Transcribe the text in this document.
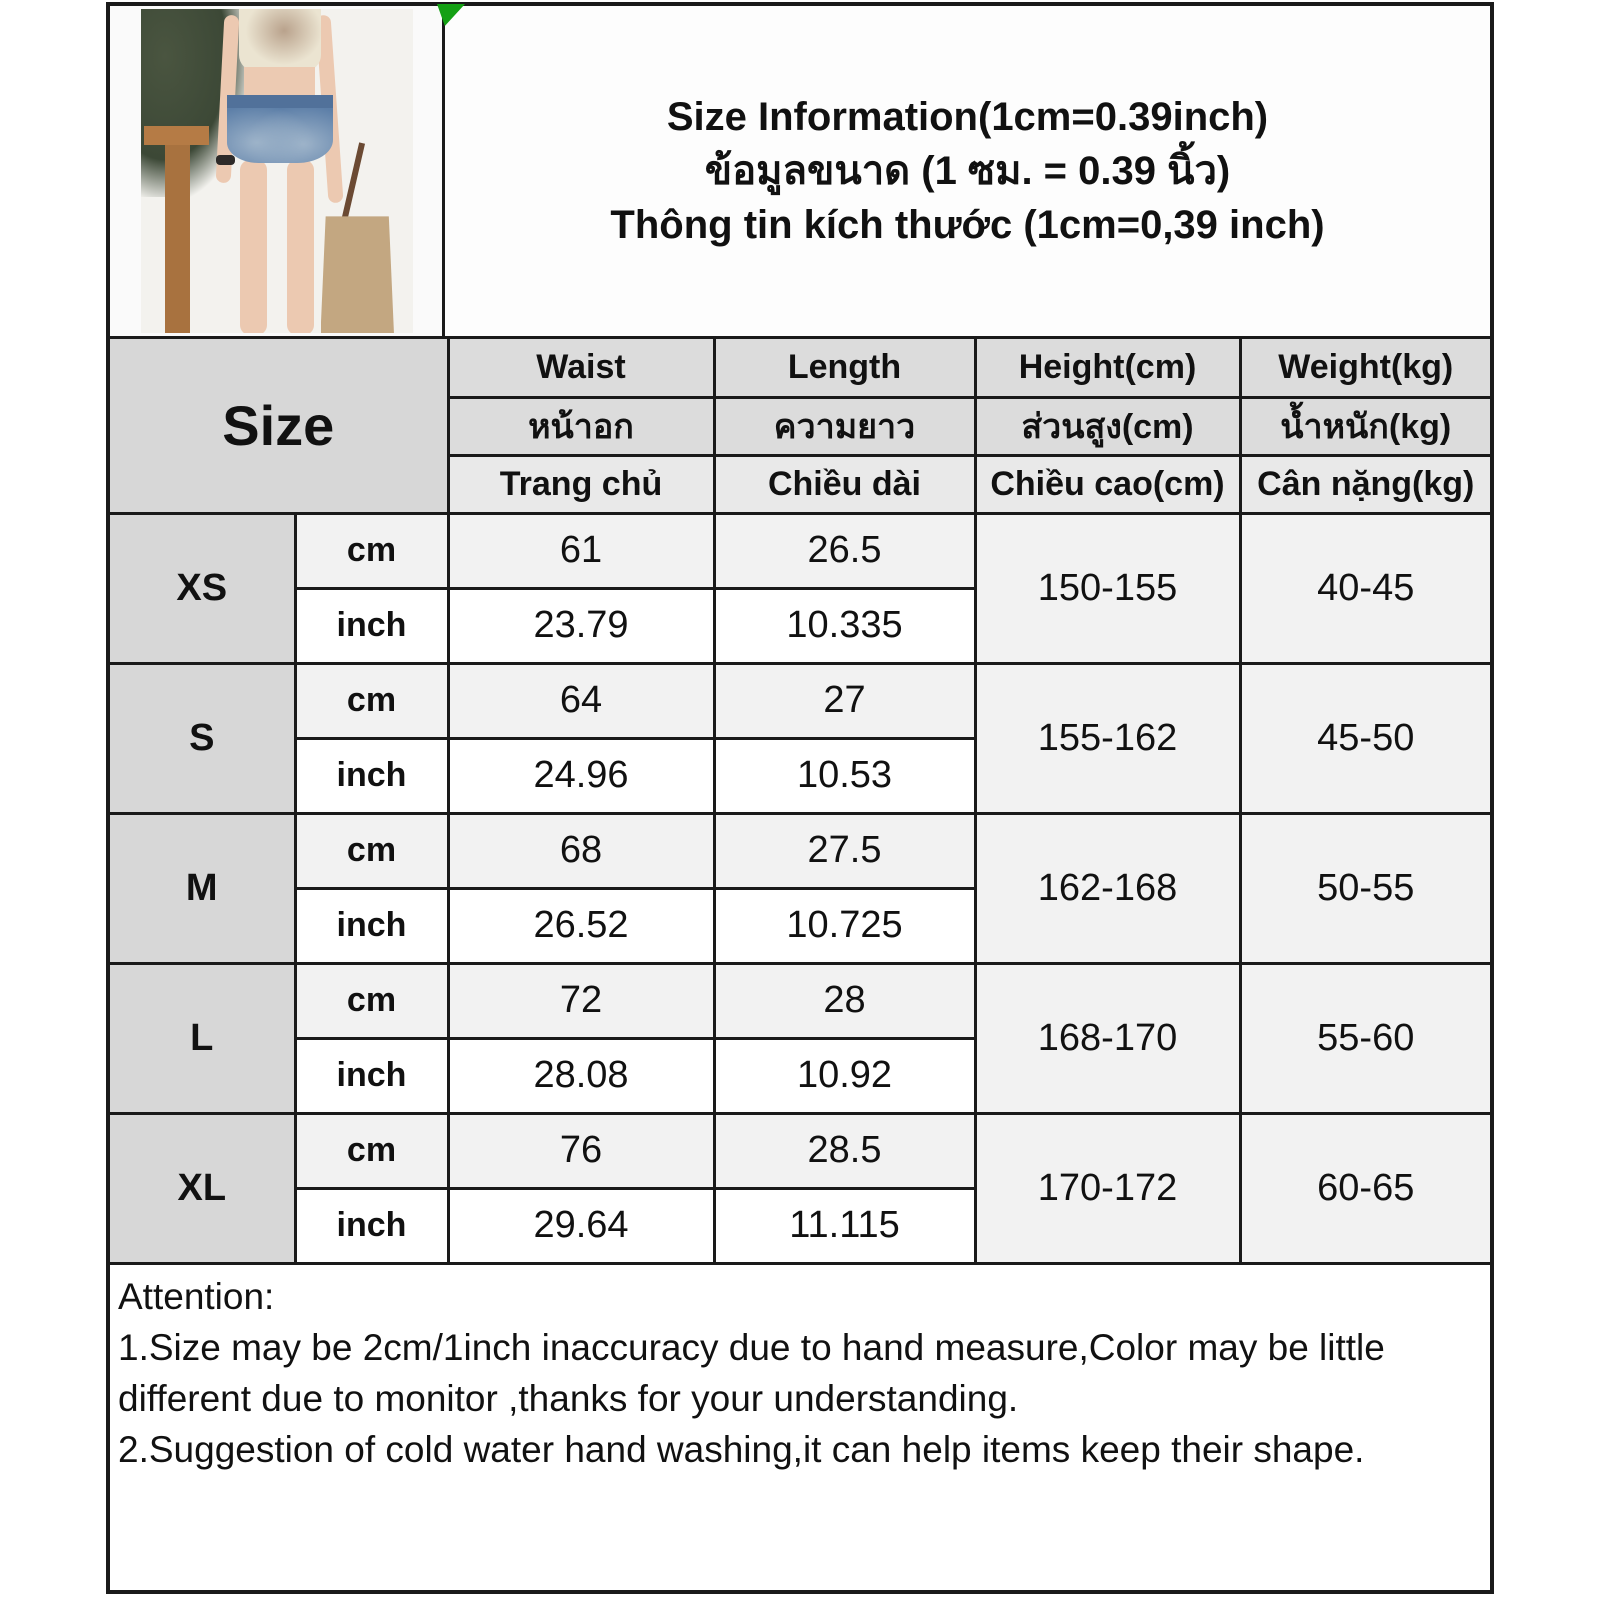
Size Information(1cm=0.39inch)
ข้อมูลขนาด (1 ซม. = 0.39 นิ้ว)
Thông tin kích thước (1cm=0,39 inch)
Size		Waist	Length	Height(cm)	Weight(kg)
		หน้าอก	ความยาว	ส่วนสูง(cm)	น้ำหนัก(kg)
		Trang chủ	Chiều dài	Chiều cao(cm)	Cân nặng(kg)
XS	cm	61	26.5	150-155	40-45
	inch	23.79	10.335		
S	cm	64	27	155-162	45-50
	inch	24.96	10.53		
M	cm	68	27.5	162-168	50-55
	inch	26.52	10.725		
L	cm	72	28	168-170	55-60
	inch	28.08	10.92		
XL	cm	76	28.5	170-172	60-65
	inch	29.64	11.115		

Attention:

1.Size may be 2cm/1inch inaccuracy due to hand measure,Color may be little different due to monitor ,thanks for your understanding.

2.Suggestion of cold water hand washing,it can help items keep their shape.
